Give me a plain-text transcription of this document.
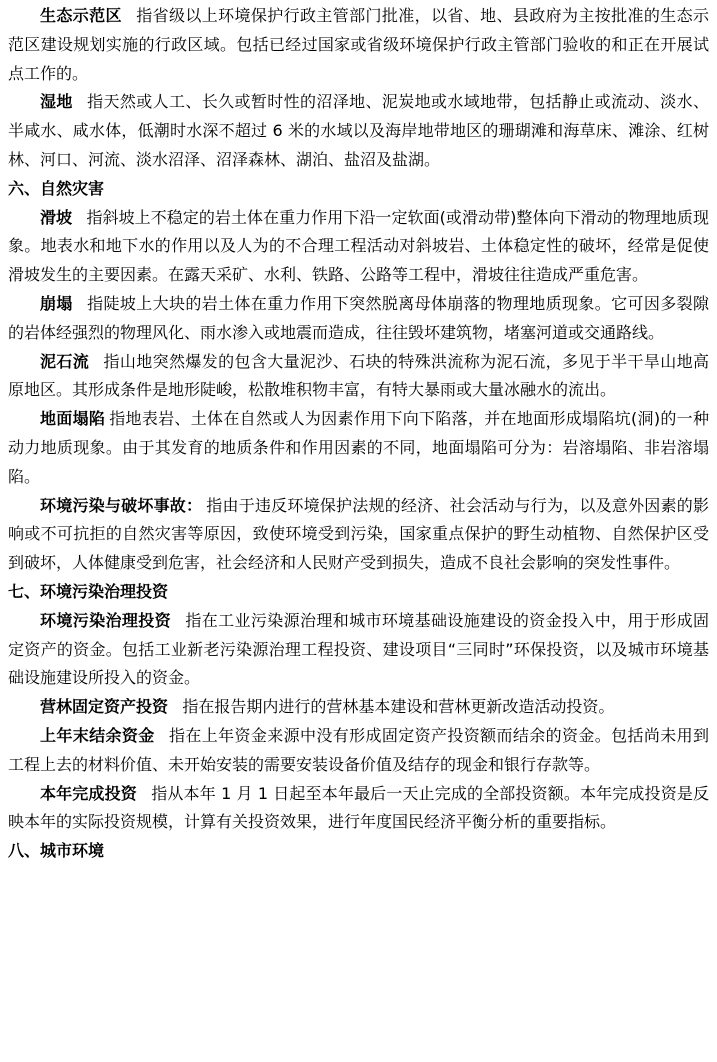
生态示范区 指省级以上环境保护行政主管部门批准，以省、地、县政府为主按批准的生态示范区建设规划实施的行政区域。包括已经过国家或省级环境保护行政主管部门验收的和正在开展试点工作的。

湿地 指天然或人工、长久或暂时性的沼泽地、泥炭地或水域地带，包括静止或流动、淡水、半咸水、咸水体，低潮时水深不超过 6 米的水域以及海岸地带地区的珊瑚滩和海草床、滩涂、红树林、河口、河流、淡水沼泽、沼泽森林、湖泊、盐沼及盐湖。

六、自然灾害

滑坡 指斜坡上不稳定的岩土体在重力作用下沿一定软面(或滑动带)整体向下滑动的物理地质现象。地表水和地下水的作用以及人为的不合理工程活动对斜坡岩、土体稳定性的破坏，经常是促使滑坡发生的主要因素。在露天采矿、水利、铁路、公路等工程中，滑坡往往造成严重危害。

崩塌 指陡坡上大块的岩土体在重力作用下突然脱离母体崩落的物理地质现象。它可因多裂隙的岩体经强烈的物理风化、雨水渗入或地震而造成，往往毁坏建筑物，堵塞河道或交通路线。

泥石流 指山地突然爆发的包含大量泥沙、石块的特殊洪流称为泥石流，多见于半干旱山地高原地区。其形成条件是地形陡峻，松散堆积物丰富，有特大暴雨或大量冰融水的流出。

地面塌陷 指地表岩、土体在自然或人为因素作用下向下陷落，并在地面形成塌陷坑(洞)的一种动力地质现象。由于其发育的地质条件和作用因素的不同，地面塌陷可分为：岩溶塌陷、非岩溶塌陷。

环境污染与破坏事故： 指由于违反环境保护法规的经济、社会活动与行为，以及意外因素的影响或不可抗拒的自然灾害等原因，致使环境受到污染，国家重点保护的野生动植物、自然保护区受到破坏，人体健康受到危害，社会经济和人民财产受到损失，造成不良社会影响的突发性事件。

七、环境污染治理投资

环境污染治理投资 指在工业污染源治理和城市环境基础设施建设的资金投入中，用于形成固定资产的资金。包括工业新老污染源治理工程投资、建设项目“三同时”环保投资，以及城市环境基础设施建设所投入的资金。

营林固定资产投资 指在报告期内进行的营林基本建设和营林更新改造活动投资。

上年末结余资金 指在上年资金来源中没有形成固定资产投资额而结余的资金。包括尚未用到工程上去的材料价值、未开始安装的需要安装设备价值及结存的现金和银行存款等。

本年完成投资 指从本年 1 月 1 日起至本年最后一天止完成的全部投资额。本年完成投资是反映本年的实际投资规模，计算有关投资效果，进行年度国民经济平衡分析的重要指标。

八、城市环境
